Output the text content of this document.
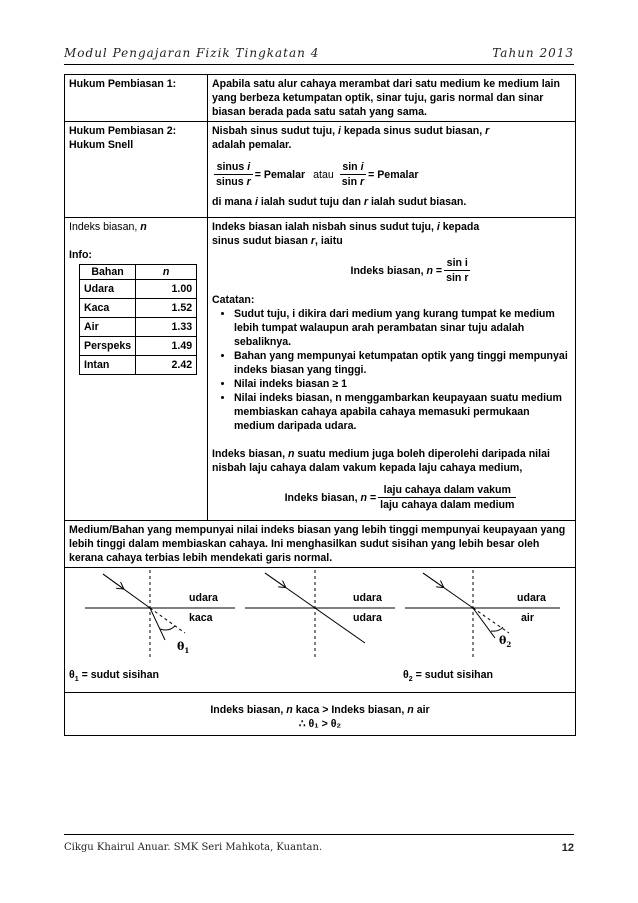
Modul Pengajaran Fizik Tingkatan 4	Tahun 2013
Hukum Pembiasan 1:	Apabila satu alur cahaya merambat dari satu medium ke medium lain yang berbeza ketumpatan optik, sinar tuju, garis normal dan sinar biasan berada pada satu satah yang sama.

Hukum Pembiasan 2:
Hukum Snell

Nisbah sinus sudut tuju, i kepada sinus sudut biasan, r
adalah pemalar.
$\frac{\text{sinus i}}{\text{sinus r}}$ = Pemalar atau $\frac{\text{sin i}}{\text{sin r}}$ = Pemalar
di mana i ialah sudut tuju dan r ialah sudut biasan.

Indeks biasan, n
Info:
Bahan	n
Udara	1.00
Kaca	1.52
Air	1.33
Perspeks	1.49
Intan	2.42

Indeks biasan ialah nisbah sinus sudut tuju, i kepada
sinus sudut biasan r, iaitu
Indeks biasan, $n = \frac{\text{sin i}}{\text{sin r}}$
Catatan:
• Sudut tuju, i dikira dari medium yang kurang tumpat ke medium lebih tumpat walaupun arah perambatan sinar tuju adalah sebaliknya.
• Bahan yang mempunyai ketumpatan optik yang tinggi mempunyai indeks biasan yang tinggi.
• Nilai indeks biasan ≥ 1
• Nilai indeks biasan, n menggambarkan keupayaan suatu medium membiaskan cahaya apabila cahaya memasuki permukaan medium daripada udara.
Indeks biasan, n suatu medium juga boleh diperolehi daripada nilai nisbah laju cahaya dalam vakum kepada laju cahaya medium,
Indeks biasan, $n = \frac{\text{laju cahaya dalam vakum}}{\text{laju cahaya dalam medium}}$

Medium/Bahan yang mempunyai nilai indeks biasan yang lebih tinggi mempunyai keupayaan yang lebih tinggi dalam membiaskan cahaya. Ini menghasilkan sudut sisihan yang lebih besar oleh kerana cahaya terbias lebih mendekati garis normal.

udara
kaca
$\theta_1$
udara
udara
udara
air
$\theta_2$
$\theta_1$ = sudut sisihan	$\theta_2$ = sudut sisihan

Indeks biasan, n kaca > Indeks biasan, n air
∴ θ₁ > θ₂
Cikgu Khairul Anuar. SMK Seri Mahkota, Kuantan.	12
